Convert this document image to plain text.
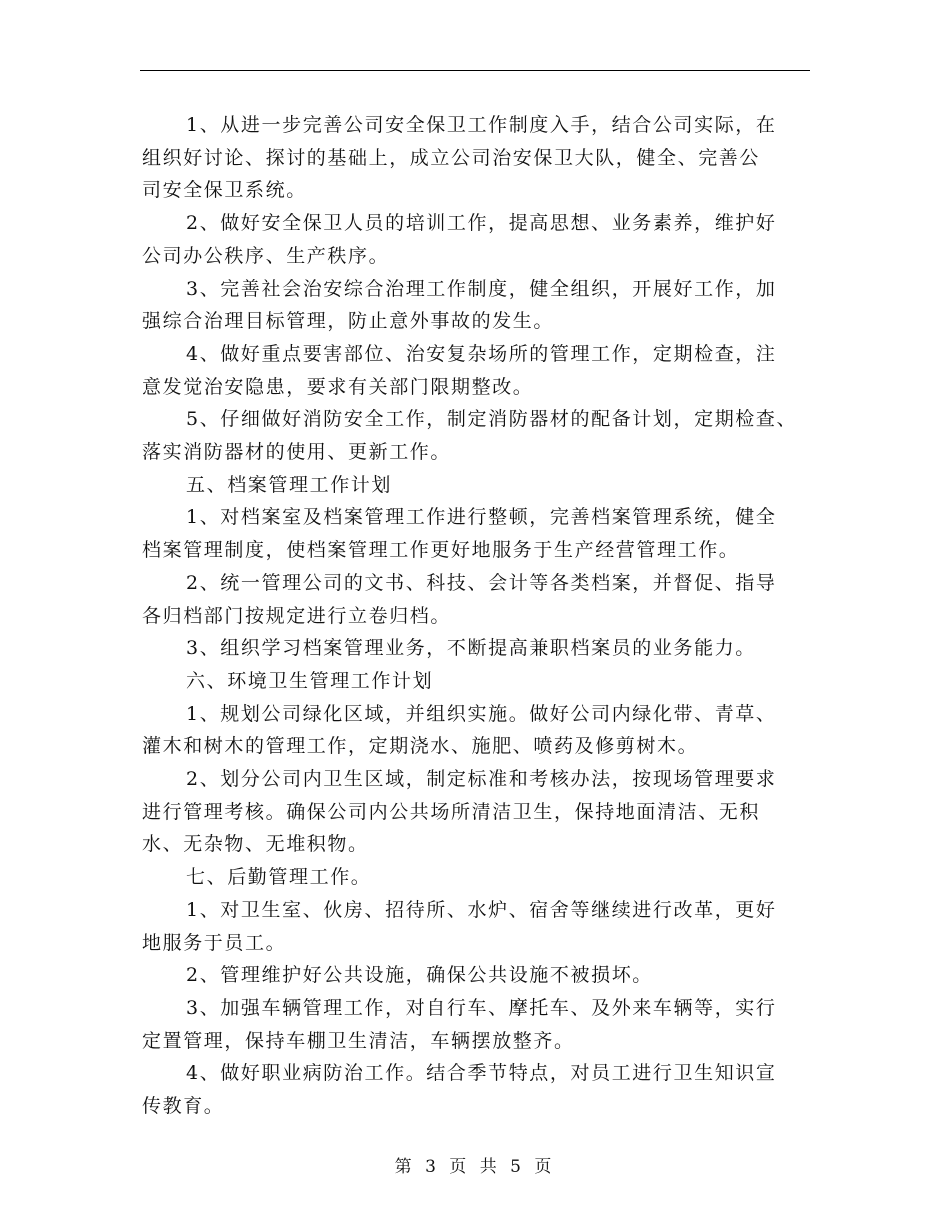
1、从进一步完善公司安全保卫工作制度入手，结合公司实际，在

组织好讨论、探讨的基础上，成立公司治安保卫大队，健全、完善公

司安全保卫系统。

2、做好安全保卫人员的培训工作，提高思想、业务素养，维护好

公司办公秩序、生产秩序。

3、完善社会治安综合治理工作制度，健全组织，开展好工作，加

强综合治理目标管理，防止意外事故的发生。

4、做好重点要害部位、治安复杂场所的管理工作，定期检查，注

意发觉治安隐患，要求有关部门限期整改。

5、仔细做好消防安全工作，制定消防器材的配备计划，定期检查、

落实消防器材的使用、更新工作。

五、档案管理工作计划

1、对档案室及档案管理工作进行整顿，完善档案管理系统，健全

档案管理制度，使档案管理工作更好地服务于生产经营管理工作。

2、统一管理公司的文书、科技、会计等各类档案，并督促、指导

各归档部门按规定进行立卷归档。

3、组织学习档案管理业务，不断提高兼职档案员的业务能力。

六、环境卫生管理工作计划

1、规划公司绿化区域，并组织实施。做好公司内绿化带、青草、

灌木和树木的管理工作，定期浇水、施肥、喷药及修剪树木。

2、划分公司内卫生区域，制定标准和考核办法，按现场管理要求

进行管理考核。确保公司内公共场所清洁卫生，保持地面清洁、无积

水、无杂物、无堆积物。

七、后勤管理工作。

1、对卫生室、伙房、招待所、水炉、宿舍等继续进行改革，更好

地服务于员工。

2、管理维护好公共设施，确保公共设施不被损坏。

3、加强车辆管理工作，对自行车、摩托车、及外来车辆等，实行

定置管理，保持车棚卫生清洁，车辆摆放整齐。

4、做好职业病防治工作。结合季节特点，对员工进行卫生知识宣

传教育。

第 3 页 共 5 页
